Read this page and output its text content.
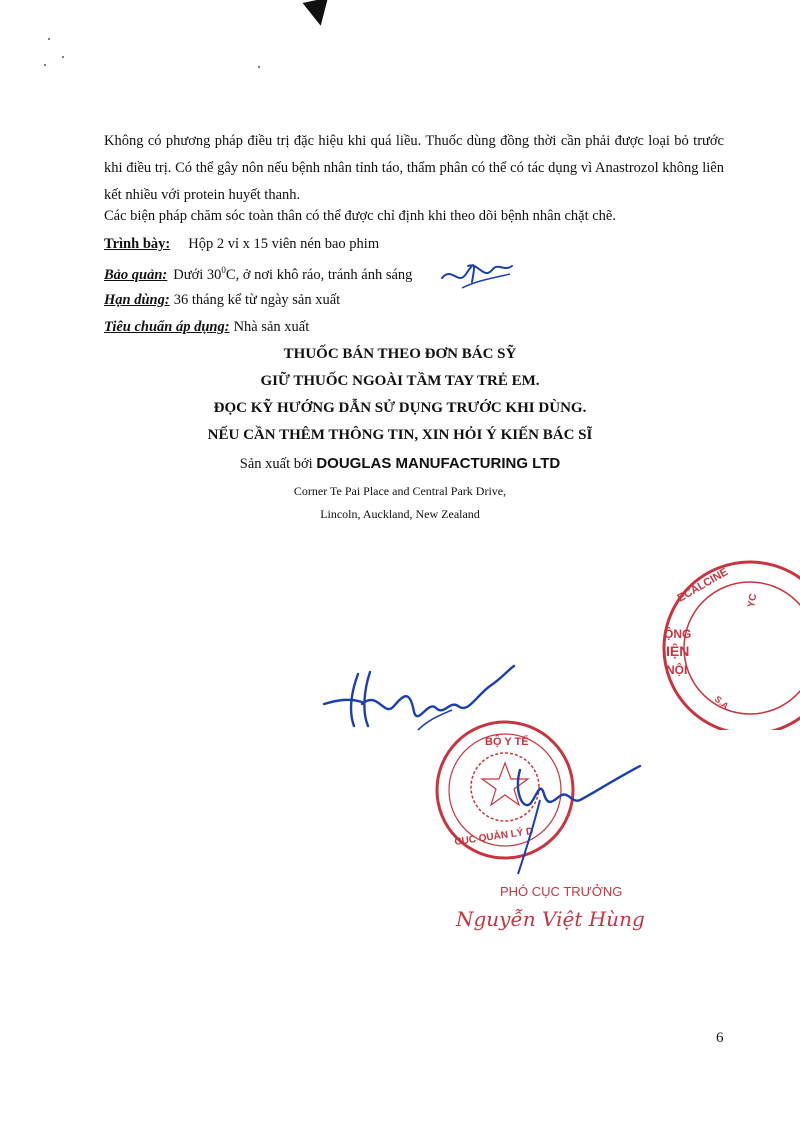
Không có phương pháp điều trị đặc hiệu khi quá liều. Thuốc dùng đồng thời cần phải được loại bỏ trước khi điều trị. Có thể gây nôn nếu bệnh nhân tỉnh táo, thẩm phân có thể có tác dụng vì Anastrozol không liên kết nhiều với protein huyết thanh.

Các biện pháp chăm sóc toàn thân có thể được chỉ định khi theo dõi bệnh nhân chặt chẽ.

Trình bày: Hộp 2 vỉ x 15 viên nén bao phim

Bảo quản: Dưới $30^0C$, ở nơi khô ráo, tránh ánh sáng

Hạn dùng: 36 tháng kể từ ngày sản xuất

Tiêu chuẩn áp dụng: Nhà sản xuất

THUỐC BÁN THEO ĐƠN BÁC SỸ

GIỮ THUỐC NGOÀI TẦM TAY TRẺ EM.

ĐỌC KỸ HƯỚNG DẪN SỬ DỤNG TRƯỚC KHI DÙNG.

NẾU CẦN THÊM THÔNG TIN, XIN HỎI Ý KIẾN BÁC SĨ

Sản xuất bởi DOUGLAS MANUFACTURING LTD

Corner Te Pai Place and Central Park Drive,

Lincoln, Auckland, New Zealand

ECALCINE
ỘNG
IỆN
NỘI
S.A
YC
BỘ Y TẾ
CỤC QUẢN LÝ D
PHÓ CỤC TRƯỞNG
Nguyễn Việt Hùng
6
